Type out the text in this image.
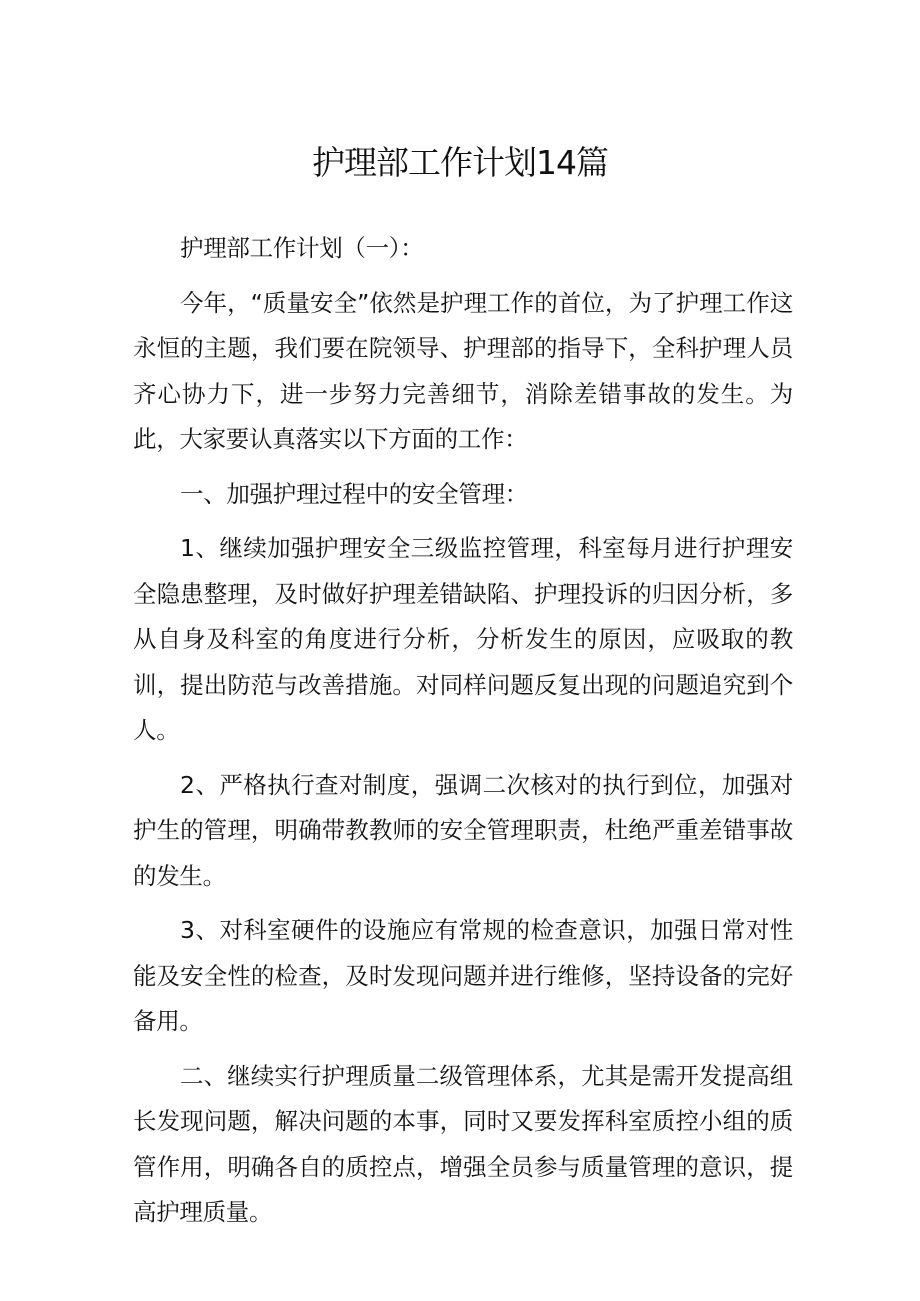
护理部工作计划14篇

护理部工作计划（一）：

今年，“质量安全”依然是护理工作的首位，为了护理工作这永恒的主题，我们要在院领导、护理部的指导下，全科护理人员齐心协力下，进一步努力完善细节，消除差错事故的发生。为此，大家要认真落实以下方面的工作：

一、加强护理过程中的安全管理：

1、继续加强护理安全三级监控管理，科室每月进行护理安全隐患整理，及时做好护理差错缺陷、护理投诉的归因分析，多从自身及科室的角度进行分析，分析发生的原因，应吸取的教训，提出防范与改善措施。对同样问题反复出现的问题追究到个人。

2、严格执行查对制度，强调二次核对的执行到位，加强对护生的管理，明确带教教师的安全管理职责，杜绝严重差错事故的发生。

3、对科室硬件的设施应有常规的检查意识，加强日常对性能及安全性的检查，及时发现问题并进行维修，坚持设备的完好备用。

二、继续实行护理质量二级管理体系，尤其是需开发提高组长发现问题，解决问题的本事，同时又要发挥科室质控小组的质管作用，明确各自的质控点，增强全员参与质量管理的意识，提高护理质量。
